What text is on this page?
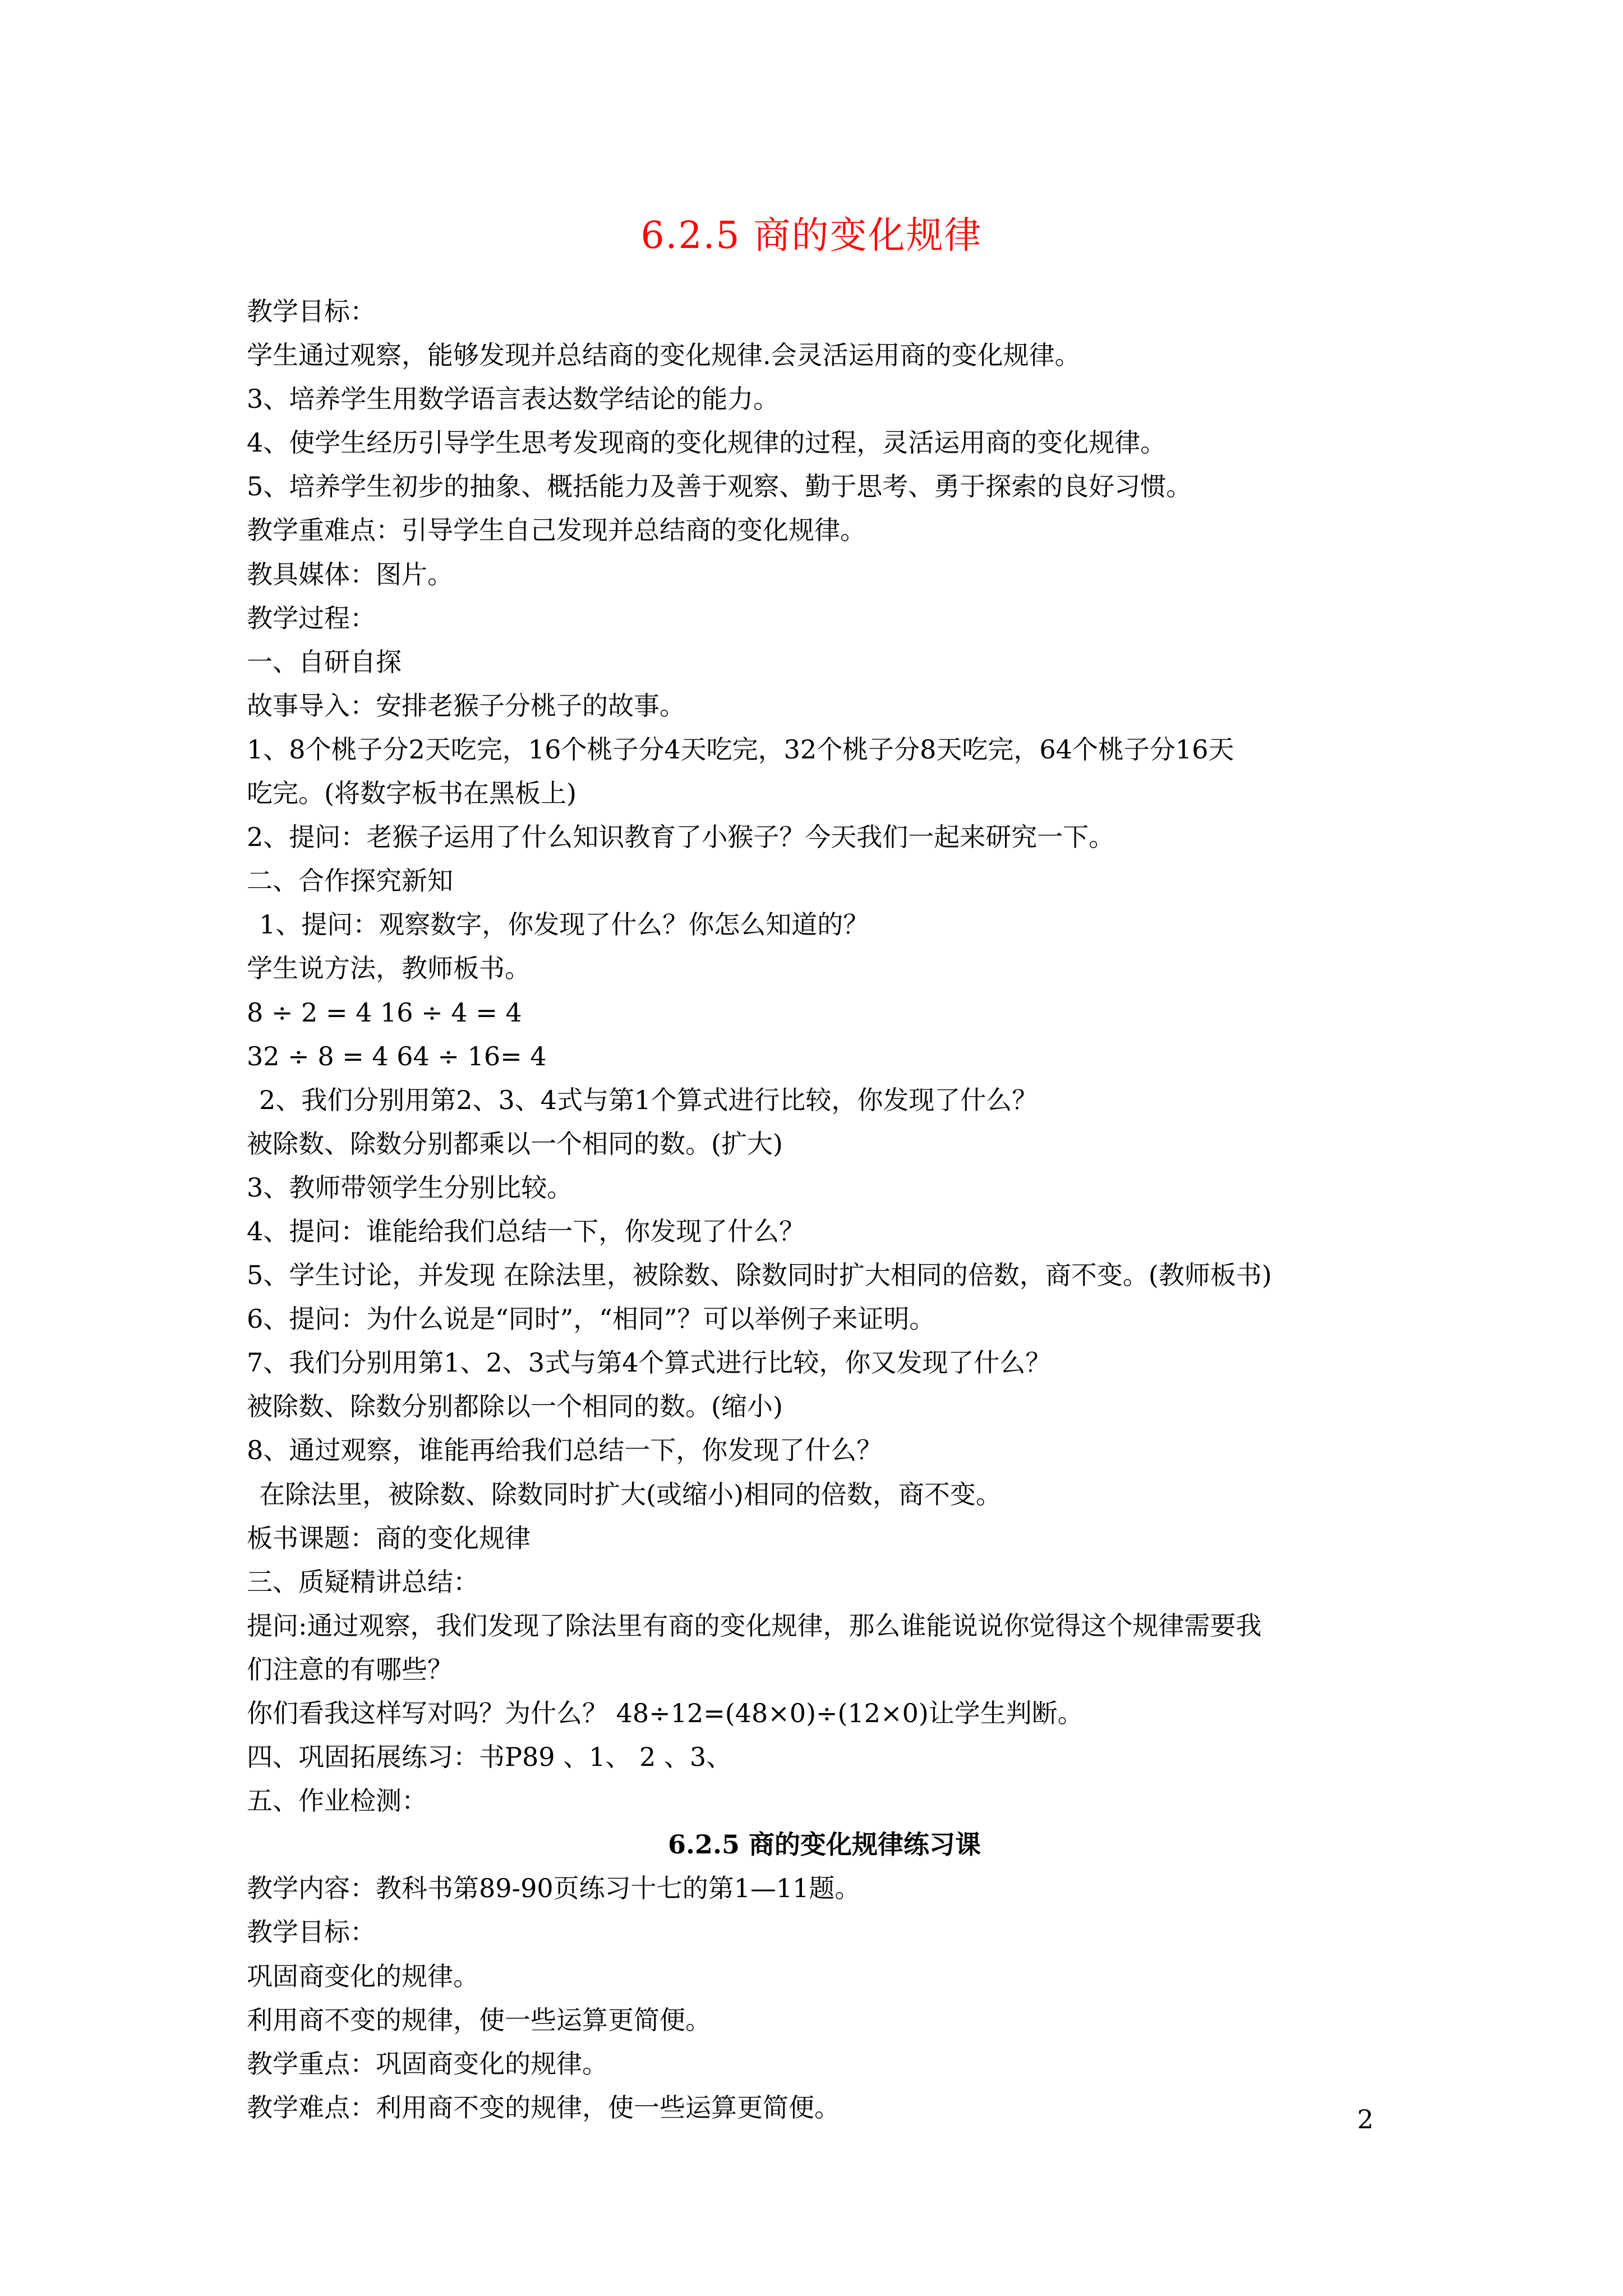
6.2.5 商的变化规律

教学目标：

学生通过观察，能够发现并总结商的变化规律.会灵活运用商的变化规律。

3、培养学生用数学语言表达数学结论的能力。

4、使学生经历引导学生思考发现商的变化规律的过程，灵活运用商的变化规律。

5、培养学生初步的抽象、概括能力及善于观察、勤于思考、勇于探索的良好习惯。

教学重难点：引导学生自己发现并总结商的变化规律。

教具媒体：图片。

教学过程：

一、自研自探

故事导入：安排老猴子分桃子的故事。

1、8个桃子分2天吃完，16个桃子分4天吃完，32个桃子分8天吃完，64个桃子分16天

吃完。(将数字板书在黑板上)

2、提问：老猴子运用了什么知识教育了小猴子？今天我们一起来研究一下。

二、合作探究新知

1、提问：观察数字，你发现了什么？你怎么知道的？

学生说方法，教师板书。

8 ÷ 2 = 4 16 ÷ 4 = 4

32 ÷ 8 = 4 64 ÷ 16= 4

2、我们分别用第2、3、4式与第1个算式进行比较，你发现了什么？

被除数、除数分别都乘以一个相同的数。(扩大)

3、教师带领学生分别比较。

4、提问：谁能给我们总结一下，你发现了什么？

5、学生讨论，并发现 在除法里，被除数、除数同时扩大相同的倍数，商不变。(教师板书)

6、提问：为什么说是“同时”，“相同”？可以举例子来证明。

7、我们分别用第1、2、3式与第4个算式进行比较，你又发现了什么？

被除数、除数分别都除以一个相同的数。(缩小)

8、通过观察，谁能再给我们总结一下，你发现了什么？

在除法里，被除数、除数同时扩大(或缩小)相同的倍数，商不变。

板书课题：商的变化规律

三、质疑精讲总结：

提问:通过观察，我们发现了除法里有商的变化规律，那么谁能说说你觉得这个规律需要我

们注意的有哪些？

你们看我这样写对吗？为什么？ 48÷12=(48×0)÷(12×0)让学生判断。

四、巩固拓展练习：书P89 、1、 2 、3、

五、作业检测：

6.2.5 商的变化规律练习课

教学内容：教科书第89-90页练习十七的第1—11题。

教学目标：

巩固商变化的规律。

利用商不变的规律，使一些运算更简便。

教学重点：巩固商变化的规律。

教学难点：利用商不变的规律，使一些运算更简便。	2
